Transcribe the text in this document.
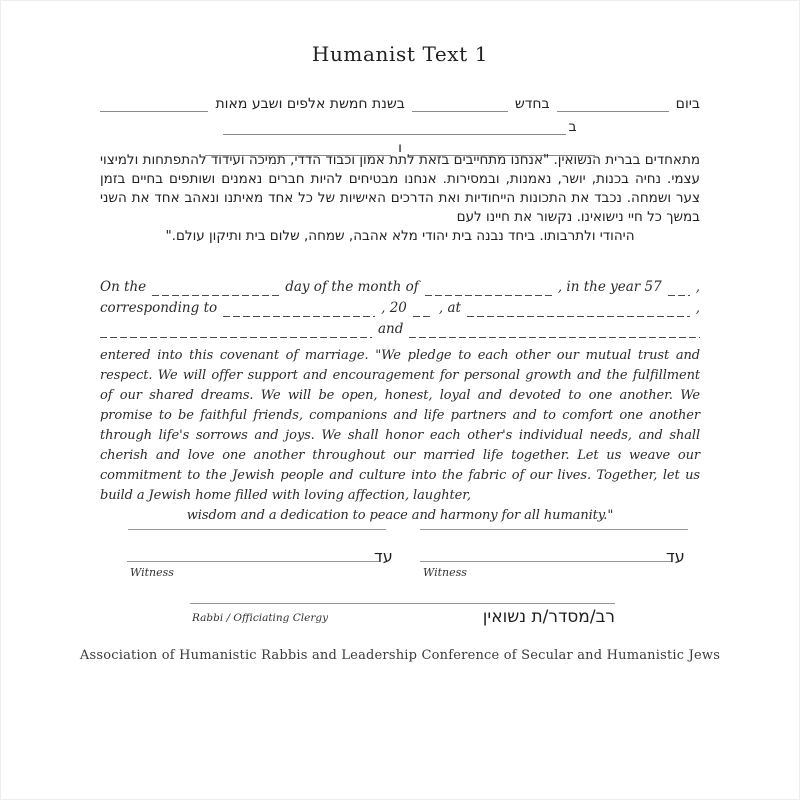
Humanist Text 1
ביום
בחדש
בשנת חמשת אלפים ושבע מאות
ב
ו
מתאחדים בברית הנשואין. "אנחנו מתחייבים בזאת לתת אמון וכבוד הדדי, תמיכה ועידוד להתפתחות ולמיצוי עצמי. נחיה בכנות, יושר, נאמנות, ובמסירות. אנחנו מבטיחים להיות חברים נאמנים ושותפים בחיים בזמן צער ושמחה. נכבד את התכונות הייחודיות ואת הדרכים האישיות של כל אחד מאיתנו ונאהב אחד את השני במשך כל חיי נישואינו. נקשור את חיינו לעם
היהודי ולתרבותו. ביחד נבנה בית יהודי מלא אהבה, שמחה, שלום בית ותיקון עולם."
On the	day of the month of	, in the year 57	,
corresponding to	, 20 , at	,
and
entered into this covenant of marriage. "We pledge to each other our mutual trust and respect. We will offer support and encouragement for personal growth and the fulfillment of our shared dreams. We will be open, honest, loyal and devoted to one another. We promise to be faithful friends, companions and life partners and to comfort one another through life's sorrows and joys. We shall honor each other's individual needs, and shall cherish and love one another throughout our married life together. Let us weave our commitment to the Jewish people and culture into the fabric of our lives. Together, let us build a Jewish home filled with loving affection, laughter,
wisdom and a dedication to peace and harmony for all humanity."
עד
Witness
עד
Witness
Rabbi / Officiating Clergy	רב/מסדר/ת נשואין
Association of Humanistic Rabbis and Leadership Conference of Secular and Humanistic Jews
